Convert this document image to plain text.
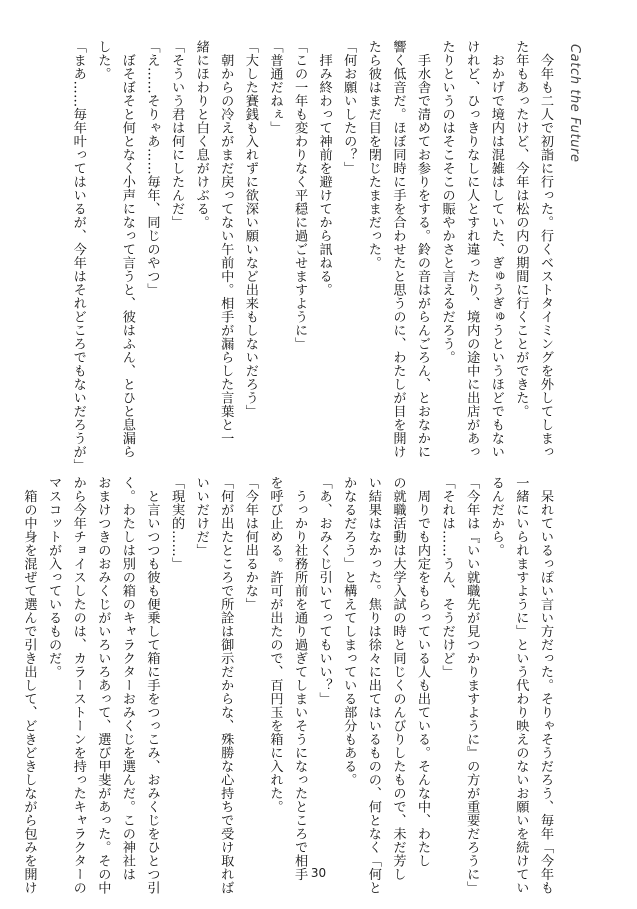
Catch the Future
　今年も二人で初詣に行った。行くベストタイミングを外してしまっ
た年もあったけど、今年は松の内の期間に行くことができた。
　おかげで境内は混雑はしていた、ぎゅうぎゅうというほどでもない
けれど、ひっきりなしに人とすれ違ったり、境内の途中に出店があっ
たりというのはそこそこの賑やかさと言えるだろう。
　手水舎で清めてお参りをする。鈴の音はがらんごろん、とおなかに
響く低音だ。ほぼ同時に手を合わせたと思うのに、わたしが目を開け
たら彼はまだ目を閉じたままだった。
「何お願いしたの？」
　拝み終わって神前を避けてから訊ねる。
「この一年も変わりなく平穏に過ごせますように」
「普通だねぇ」
「大した賽銭も入れずに欲深い願いなど出来もしないだろう」
　朝からの冷えがまだ戻ってない午前中。相手が漏らした言葉と一
緒にほわりと白く息がけぶる。
「そういう君は何にしたんだ」
「え……そりゃあ……毎年、同じのやつ」
　ぼそぼそと何となく小声になって言うと、彼はふん、とひと息漏ら
した。
「まあ……毎年叶ってはいるが、今年はそれどころでもないだろうが」
　呆れているっぽい言い方だった。そりゃそうだろう、毎年「今年も
一緒にいられますように」という代わり映えのないお願いを続けてい
るんだから。
「今年は『いい就職先が見つかりますように』の方が重要だろうに」
「それは……うん、そうだけど」
　周りでも内定をもらっている人も出ている。そんな中、わたし
の就職活動は大学入試の時と同じくのんびりしたもので、未だ芳し
い結果はなかった。焦りは徐々に出てはいるものの、何となく「何と
かなるだろう」と構えてしまっている部分もある。
「あ、おみくじ引いてってもいい？」
　うっかり社務所前を通り過ぎてしまいそうになったところで相手
を呼び止める。許可が出たので、百円玉を箱に入れた。
「今年は何出るかな」
「何が出たところで所詮は御示だからな、殊勝な心持ちで受け取れば
いいだけだ」
「現実的……」
　と言いつつも彼も便乗して箱に手をつっこみ、おみくじをひとつ引
く。わたしは別の箱のキャラクターおみくじを選んだ。この神社は
おまけつきのおみくじがいろいろあって、選び甲斐があった。その中
から今年チョイスしたのは、カラーストーンを持ったキャラクターの
マスコットが入っているものだ。
　箱の中身を混ぜて選んで引き出して、どきどきしながら包みを開け	30
